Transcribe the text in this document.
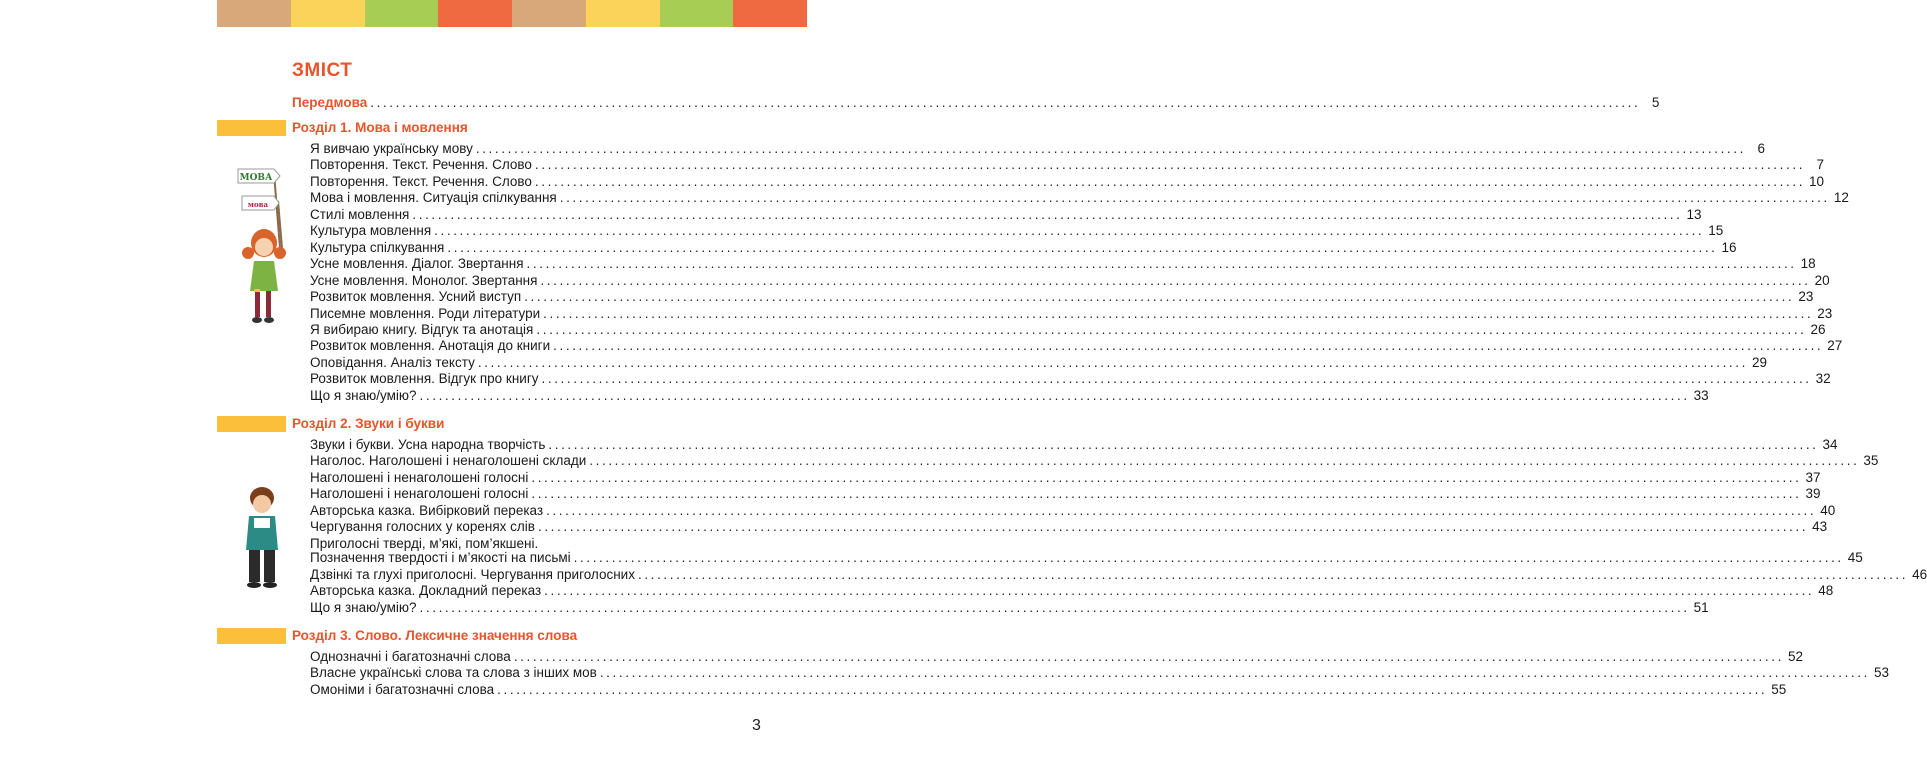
ЗМІСТ
Передмова ........................................................................................................................................................................................................ 5
Розділ 1. Мова і мовлення
Розділ 2. Звуки і букви
Приголосні тверді, м’які, пом’якшені.
Позначення твердості і м’якості на письмі ........................................................................................................................................................................................................ 45
Розділ 3. Слово. Лексичне значення слова
МОВА
мова
3
Я вивчаю українську мову ........................................................................................................................................................................................................ 6
Повторення. Текст. Речення. Слово ........................................................................................................................................................................................................ 7
Повторення. Текст. Речення. Слово ........................................................................................................................................................................................................ 10
Мова і мовлення. Ситуація спілкування ........................................................................................................................................................................................................ 12
Стилі мовлення ........................................................................................................................................................................................................ 13
Культура мовлення ........................................................................................................................................................................................................ 15
Культура спілкування ........................................................................................................................................................................................................ 16
Усне мовлення. Діалог. Звертання ........................................................................................................................................................................................................ 18
Усне мовлення. Монолог. Звертання ........................................................................................................................................................................................................ 20
Розвиток мовлення. Усний виступ ........................................................................................................................................................................................................ 23
Писемне мовлення. Роди літератури ........................................................................................................................................................................................................ 23
Я вибираю книгу. Відгук та анотація ........................................................................................................................................................................................................ 26
Розвиток мовлення. Анотація до книги ........................................................................................................................................................................................................ 27
Оповідання. Аналіз тексту ........................................................................................................................................................................................................ 29
Розвиток мовлення. Відгук про книгу ........................................................................................................................................................................................................ 32
Що я знаю/умію? ........................................................................................................................................................................................................ 33
Звуки і букви. Усна народна творчість ........................................................................................................................................................................................................ 34
Наголос. Наголошені і ненаголошені склади ........................................................................................................................................................................................................ 35
Наголошені і ненаголошені голосні ........................................................................................................................................................................................................ 37
Наголошені і ненаголошені голосні ........................................................................................................................................................................................................ 39
Авторська казка. Вибірковий переказ ........................................................................................................................................................................................................ 40
Чергування голосних у коренях слів ........................................................................................................................................................................................................ 43
Дзвінкі та глухі приголосні. Чергування приголосних ........................................................................................................................................................................................................ 46
Авторська казка. Докладний переказ ........................................................................................................................................................................................................ 48
Що я знаю/умію? ........................................................................................................................................................................................................ 51
Однозначні і багатозначні слова ........................................................................................................................................................................................................ 52
Власне українські слова та слова з інших мов ........................................................................................................................................................................................................ 53
Омоніми і багатозначні слова ........................................................................................................................................................................................................ 55
